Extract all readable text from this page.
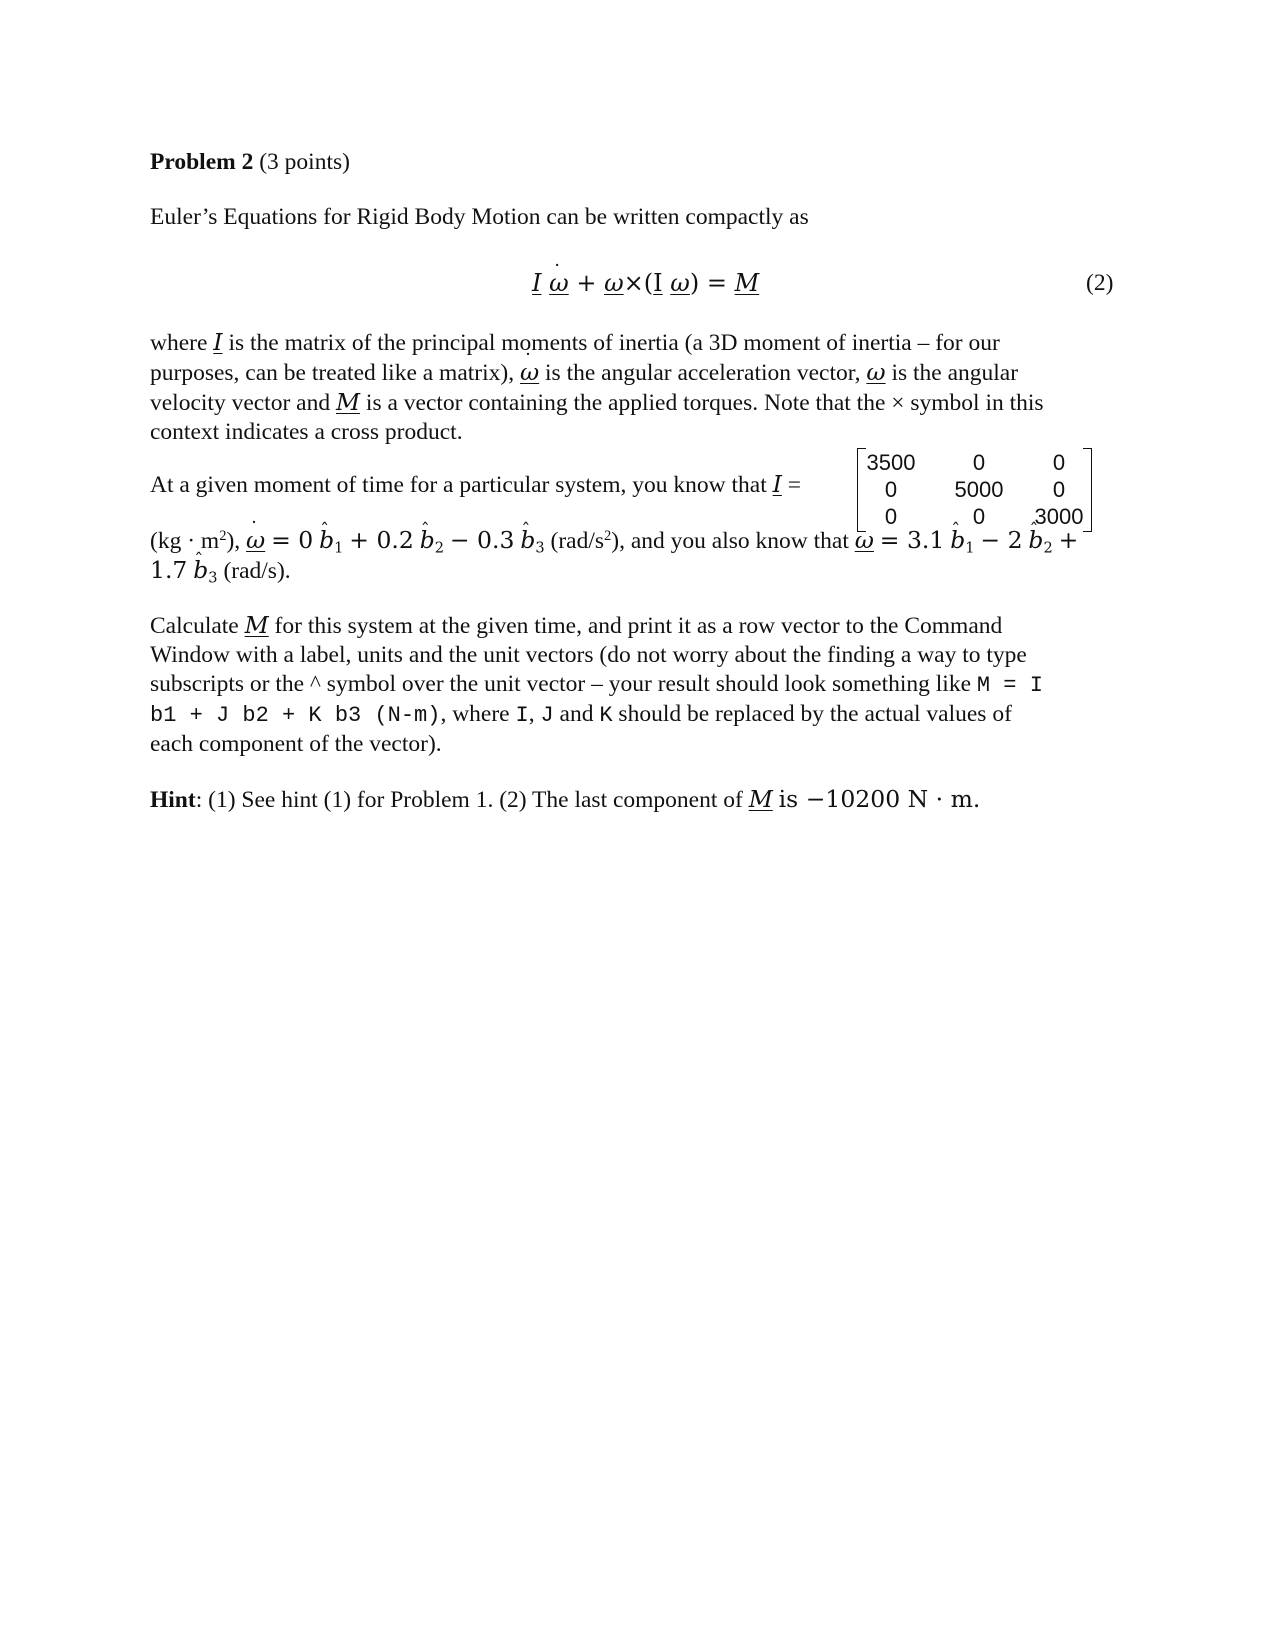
Problem 2 (3 points)
Euler’s Equations for Rigid Body Motion can be written compactly as
I ˙ ω + ω×(I ω) = M	(2)
where I is the matrix of the principal moments of inertia (a 3D moment of inertia – for our
purposes, can be treated like a matrix), ˙ ω is the angular acceleration vector, ω is the angular
velocity vector and M is a vector containing the applied torques. Note that the × symbol in this
context indicates a cross product.
At a given moment of time for a particular system, you know that I =
3500	0	0
0	5000	0
0	0	3000
$(kg \cdot m^2)$, ˙ ω = 0 ˆ $b_1 + 0.2$ ˆ $b_2 - 0.3$ ˆ $b_3$ $(rad/s^2)$, and you also know that ω = 3.1 ˆ $b_1 - 2$ ˆ $b_2$ +
1.7 ˆ $b_3$ (rad/s).
Calculate M for this system at the given time, and print it as a row vector to the Command
Window with a label, units and the unit vectors (do not worry about the finding a way to type
subscripts or the ^ symbol over the unit vector – your result should look something like M = I
b1 + J b2 + K b3 (N-m), where I, J and K should be replaced by the actual values of
each component of the vector).
Hint: (1) See hint (1) for Problem 1. (2) The last component of M is −10200 N · m.
